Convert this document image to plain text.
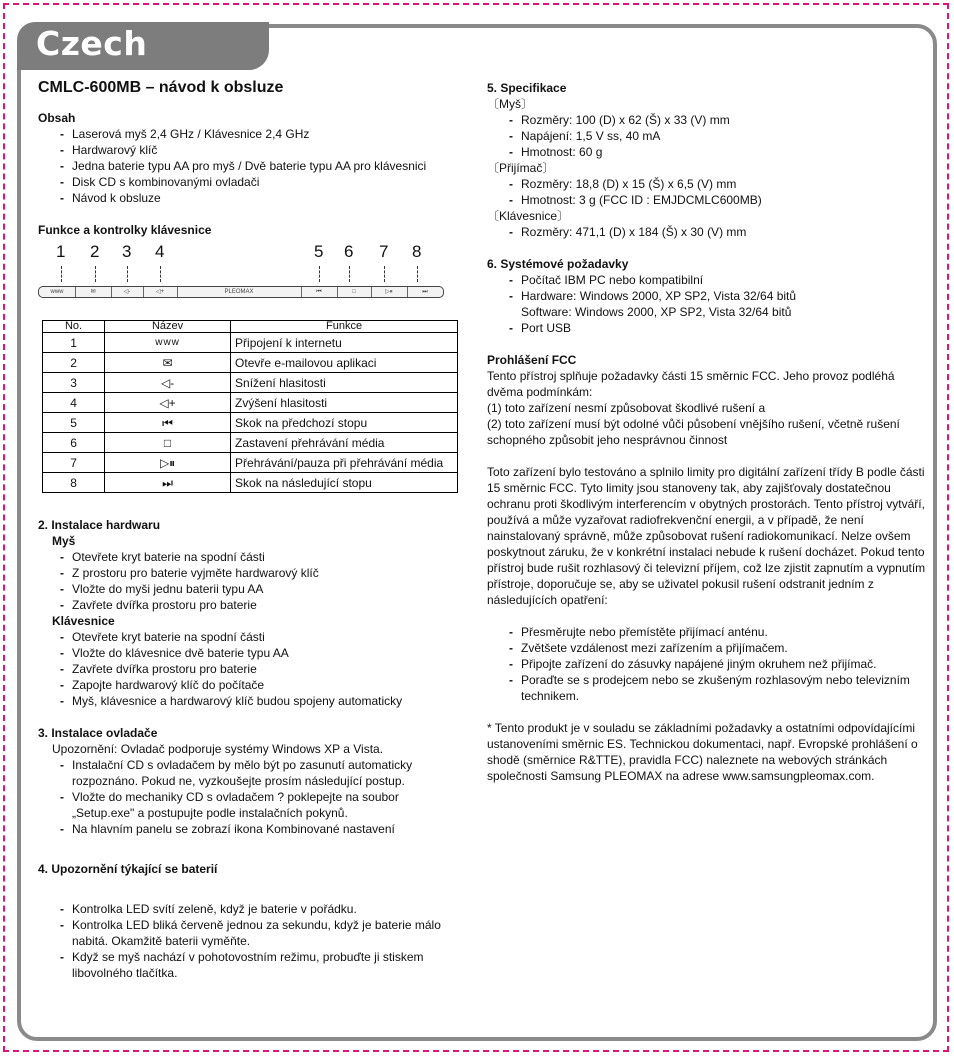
Czech
CMLC-600MB – návod k obsluze
Obsah
- Laserová myš 2,4 GHz / Klávesnice 2,4 GHz
- Hardwarový klíč
- Jedna baterie typu AA pro myš / Dvě baterie typu AA pro klávesnici
- Disk CD s kombinovanými ovladači
- Návod k obsluze
Funkce a kontrolky klávesnice
1 2 3 4	5 6 7 8
www	✉	◁-	◁+	PLEOMAX	⏮	□	▷⏸	⏭
No.	Název	Funkce
1	www	Připojení k internetu
2	✉	Otevře e-mailovou aplikaci
3	◁-	Snížení hlasitosti
4	◁+	Zvýšení hlasitosti
5	⏮	Skok na předchozí stopu
6	□	Zastavení přehrávání média
7	▷⏸	Přehrávání/pauza při přehrávání média
8	⏭	Skok na následující stopu
2. Instalace hardwaru
Myš
- Otevřete kryt baterie na spodní části
- Z prostoru pro baterie vyjměte hardwarový klíč
- Vložte do myši jednu baterii typu AA
- Zavřete dvířka prostoru pro baterie
Klávesnice
- Otevřete kryt baterie na spodní části
- Vložte do klávesnice dvě baterie typu AA
- Zavřete dvířka prostoru pro baterie
- Zapojte hardwarový klíč do počítače
- Myš, klávesnice a hardwarový klíč budou spojeny automaticky
3. Instalace ovladače
Upozornění: Ovladač podporuje systémy Windows XP a Vista.
- Instalační CD s ovladačem by mělo být po zasunutí automaticky rozpoznáno. Pokud ne, vyzkoušejte prosím následující postup.
- Vložte do mechaniky CD s ovladačem ? poklepejte na soubor „Setup.exe" a postupujte podle instalačních pokynů.
- Na hlavním panelu se zobrazí ikona Kombinované nastavení
4. Upozornění týkající se baterií
- Kontrolka LED svítí zeleně, když je baterie v pořádku.
- Kontrolka LED bliká červeně jednou za sekundu, když je baterie málo nabitá. Okamžitě baterii vyměňte.
- Když se myš nachází v pohotovostním režimu, probuďte ji stiskem libovolného tlačítka.
5. Specifikace
〔Myš〕
- Rozměry: 100 (D) x 62 (Š) x 33 (V) mm
- Napájení: 1,5 V ss, 40 mA
- Hmotnost: 60 g
〔Přijímač〕
- Rozměry: 18,8 (D) x 15 (Š) x 6,5 (V) mm
- Hmotnost: 3 g (FCC ID : EMJDCMLC600MB)
〔Klávesnice〕
- Rozměry: 471,1 (D) x 184 (Š) x 30 (V) mm
6. Systémové požadavky
- Počítač IBM PC nebo kompatibilní
- Hardware: Windows 2000, XP SP2, Vista 32/64 bitů
Software: Windows 2000, XP SP2, Vista 32/64 bitů
- Port USB
Prohlášení FCC

Tento přístroj splňuje požadavky části 15 směrnic FCC. Jeho provoz podléhá dvěma podmínkám:

(1) toto zařízení nesmí způsobovat škodlivé rušení a

(2) toto zařízení musí být odolné vůči působení vnějšího rušení, včetně rušení schopného způsobit jeho nesprávnou činnost

Toto zařízení bylo testováno a splnilo limity pro digitální zařízení třídy B podle části 15 směrnic FCC. Tyto limity jsou stanoveny tak, aby zajišťovaly dostatečnou ochranu proti škodlivým interferencím v obytných prostorách. Tento přístroj vytváří, používá a může vyzařovat radiofrekvenční energii, a v případě, že není nainstalovaný správně, může způsobovat rušení radiokomunikací. Nelze ovšem poskytnout záruku, že v konkrétní instalaci nebude k rušení docházet. Pokud tento přístroj bude rušit rozhlasový či televizní příjem, což lze zjistit zapnutím a vypnutím přístroje, doporučuje se, aby se uživatel pokusil rušení odstranit jedním z následujících opatření:

- Přesměrujte nebo přemístěte přijímací anténu.
- Zvětšete vzdálenost mezi zařízením a přijímačem.
- Připojte zařízení do zásuvky napájené jiným okruhem než přijímač.
- Poraďte se s prodejcem nebo se zkušeným rozhlasovým nebo televizním technikem.

* Tento produkt je v souladu se základními požadavky a ostatními odpovídajícími ustanoveními směrnic ES. Technickou dokumentaci, např. Evropské prohlášení o shodě (směrnice R&TTE), pravidla FCC) naleznete na webových stránkách společnosti Samsung PLEOMAX na adrese www.samsungpleomax.com.
